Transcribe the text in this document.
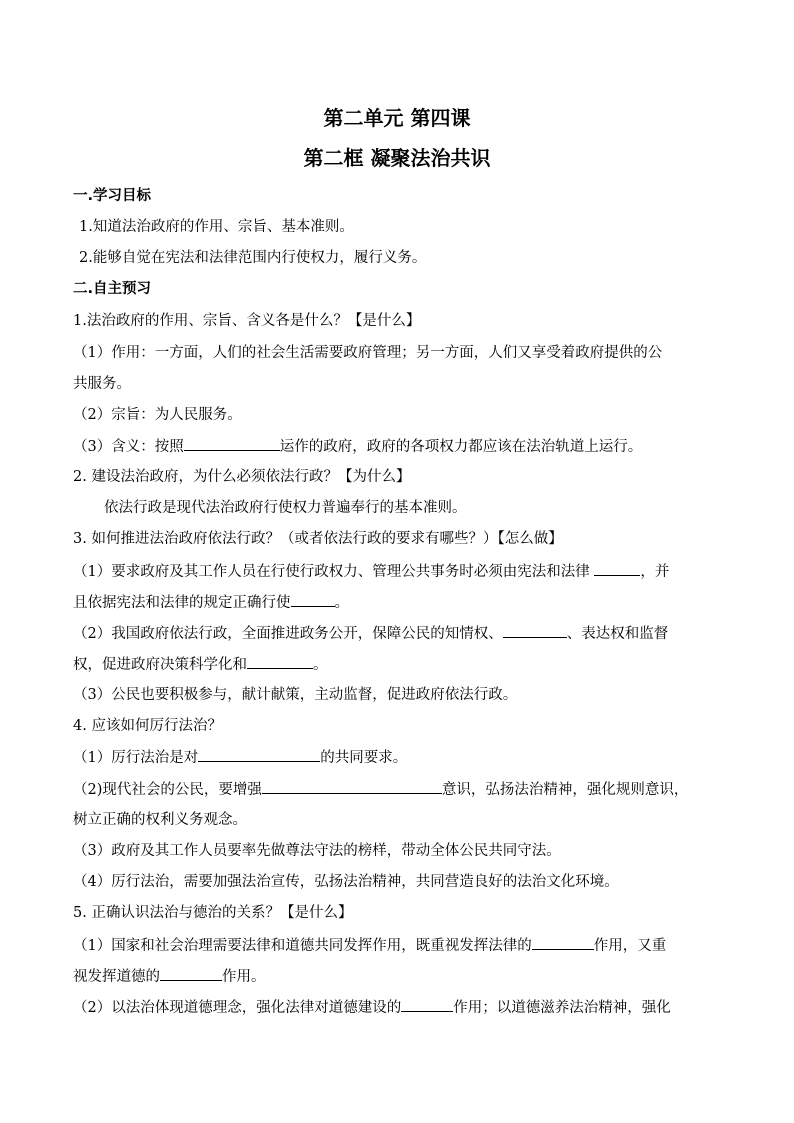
第二单元 第四课
第二框 凝聚法治共识
一.学习目标
1.知道法治政府的作用、宗旨、基本准则。
2.能够自觉在宪法和法律范围内行使权力，履行义务。
二.自主预习
1.法治政府的作用、宗旨、含义各是什么？【是什么】
（1）作用：一方面，人们的社会生活需要政府管理；另一方面，人们又享受着政府提供的公
共服务。
（2）宗旨：为人民服务。
（3）含义：按照	运作的政府，政府的各项权力都应该在法治轨道上运行。
2. 建设法治政府，为什么必须依法行政？【为什么】
依法行政是现代法治政府行使权力普遍奉行的基本准则。
3. 如何推进法治政府依法行政？（或者依法行政的要求有哪些？）【怎么做】
（1）要求政府及其工作人员在行使行政权力、管理公共事务时必须由宪法和法律	，并
且依据宪法和法律的规定正确行使	。
（2）我国政府依法行政，全面推进政务公开，保障公民的知情权、	、表达权和监督
权，促进政府决策科学化和	。
（3）公民也要积极参与，献计献策，主动监督，促进政府依法行政。
4. 应该如何厉行法治？
（1）厉行法治是对	的共同要求。
（2)现代社会的公民，要增强	意识，弘扬法治精神，强化规则意识，
树立正确的权利义务观念。
（3）政府及其工作人员要率先做尊法守法的榜样，带动全体公民共同守法。
（4）厉行法治，需要加强法治宣传，弘扬法治精神，共同营造良好的法治文化环境。
5. 正确认识法治与德治的关系？【是什么】
（1）国家和社会治理需要法律和道德共同发挥作用，既重视发挥法律的	作用，又重
视发挥道德的	作用。
（2）以法治体现道德理念，强化法律对道德建设的	作用；以道德滋养法治精神，强化
